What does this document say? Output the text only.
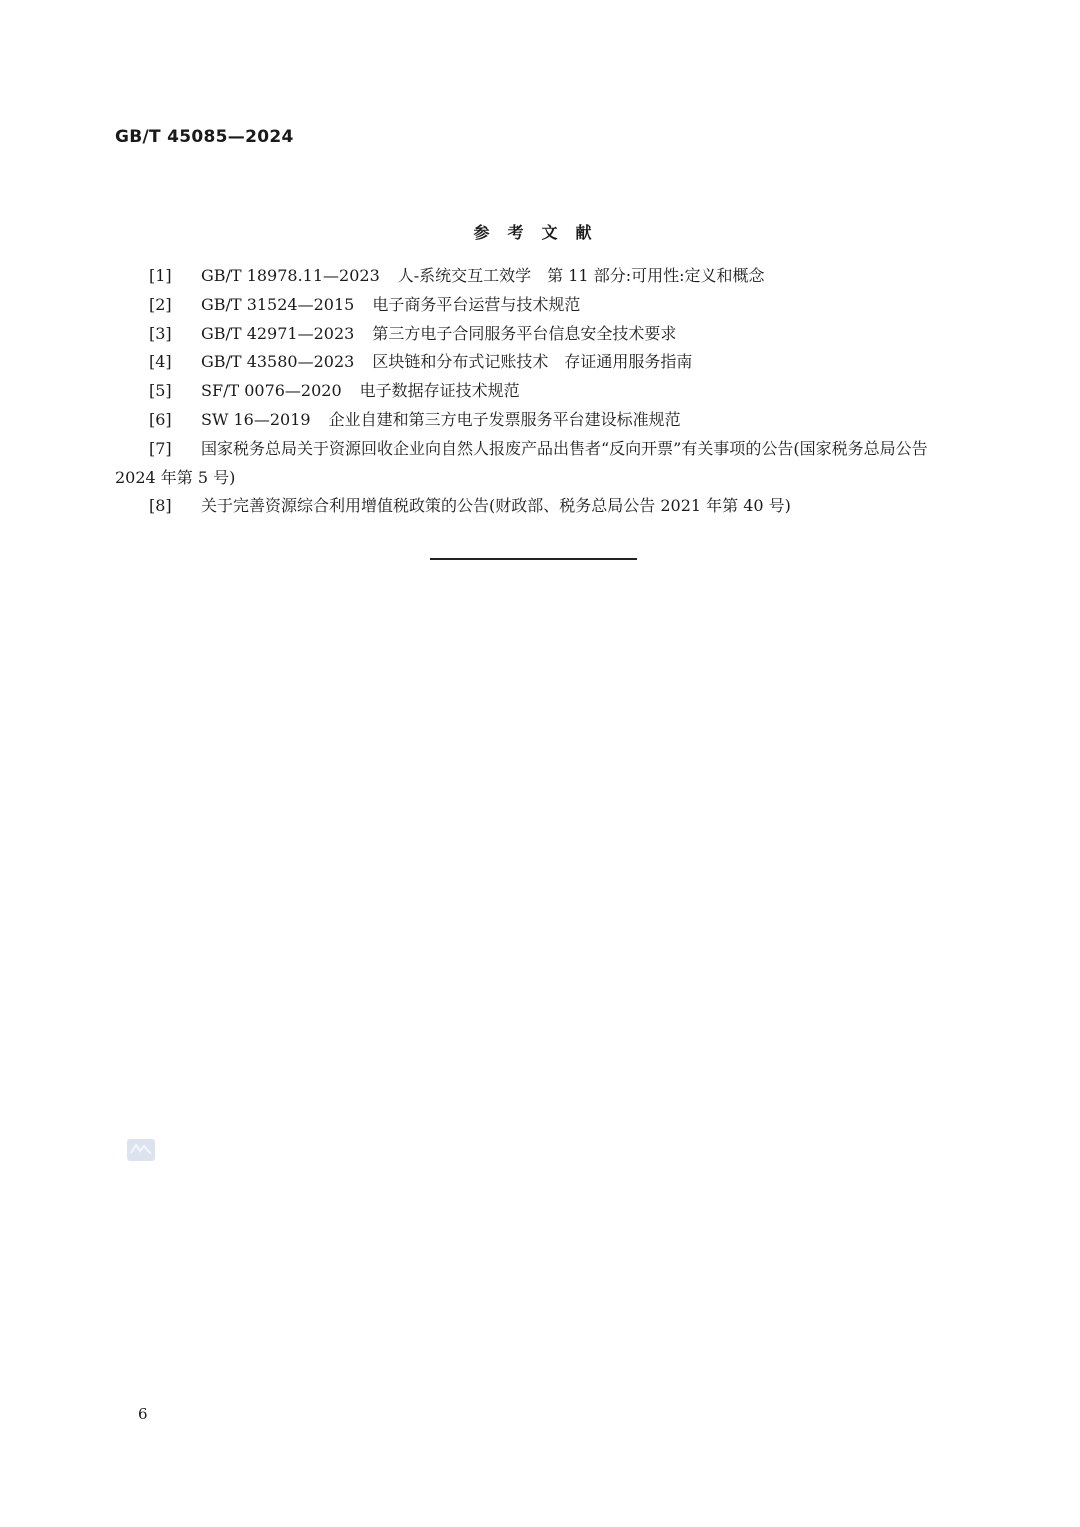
GB/T 45085—2024
参考文献
[1] GB/T 18978.11—2023 人-系统交互工效学　第 11 部分:可用性:定义和概念
[2] GB/T 31524—2015 电子商务平台运营与技术规范
[3] GB/T 42971—2023 第三方电子合同服务平台信息安全技术要求
[4] GB/T 43580—2023 区块链和分布式记账技术　存证通用服务指南
[5] SF/T 0076—2020 电子数据存证技术规范
[6] SW 16—2019 企业自建和第三方电子发票服务平台建设标准规范
[7] 国家税务总局关于资源回收企业向自然人报废产品出售者“反向开票”有关事项的公告(国家税务总局公告 2024 年第 5 号)
[8] 关于完善资源综合利用增值税政策的公告(财政部、税务总局公告 2021 年第 40 号)
6
